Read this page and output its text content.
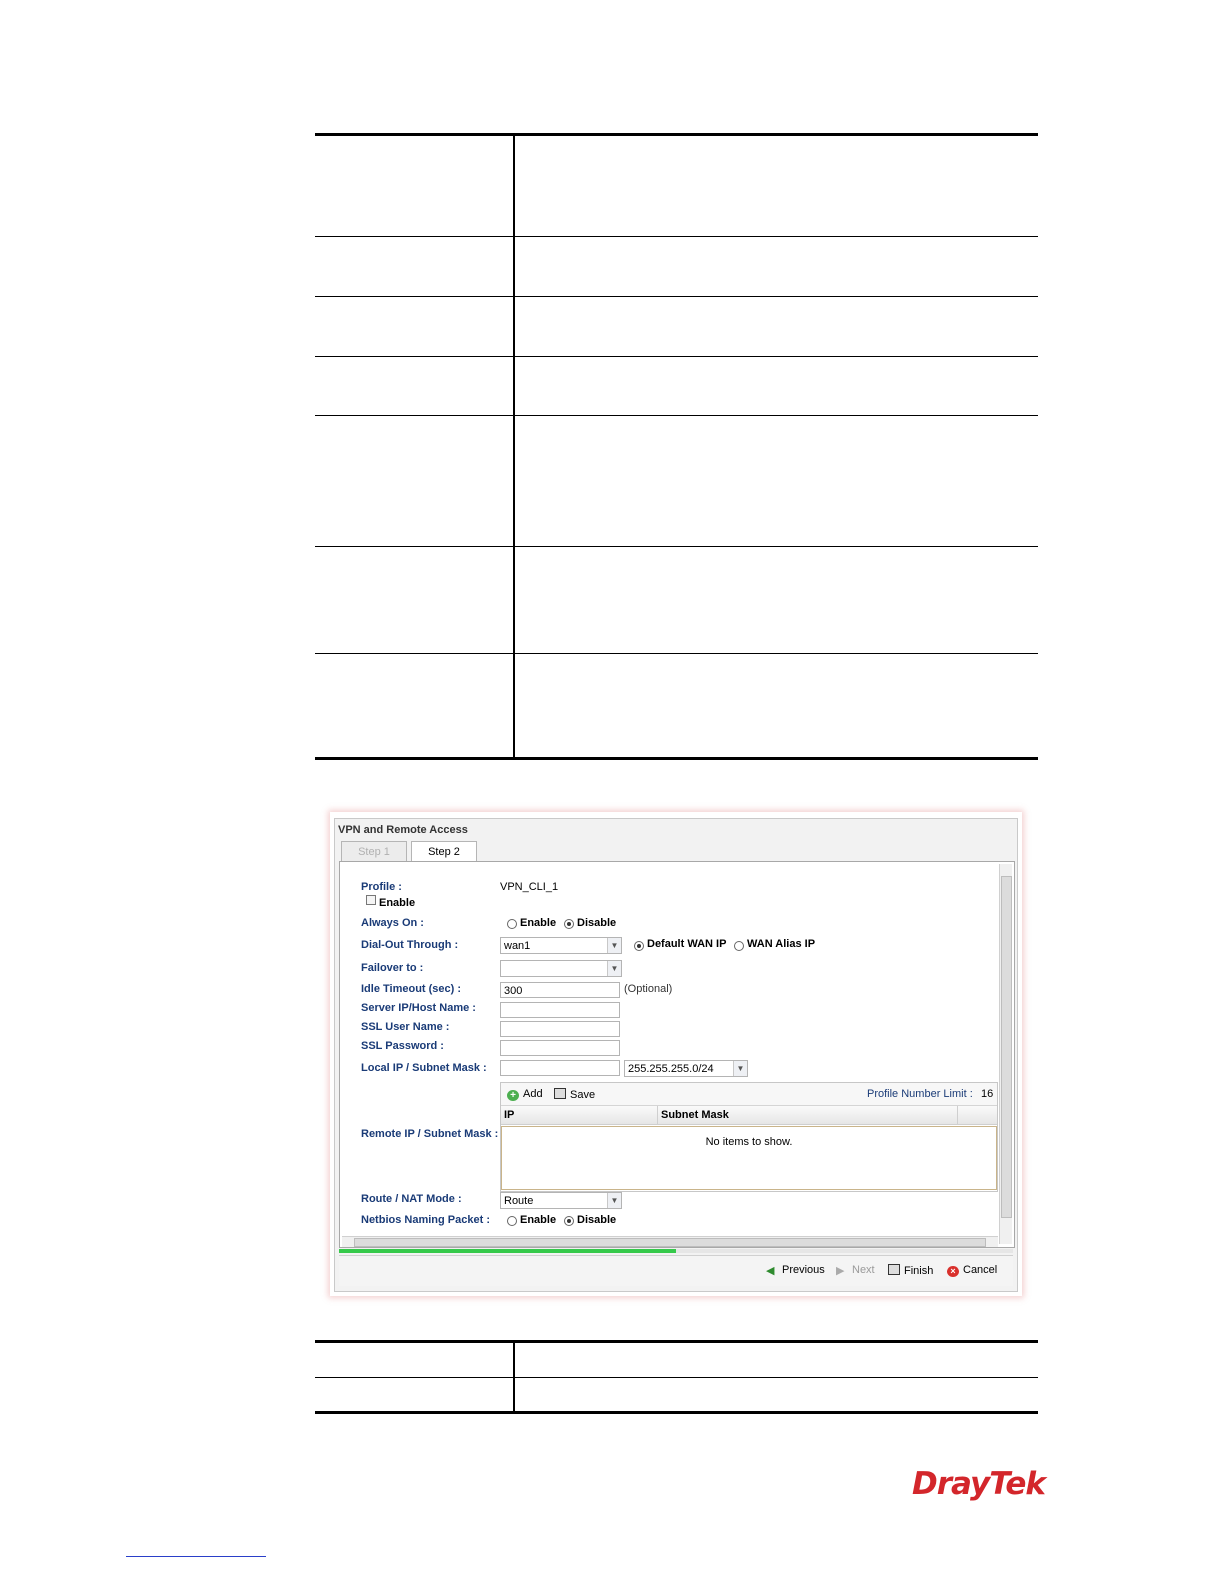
VPN and Remote Access
Step 1	Step 2
Profile :	VPN_CLI_1
Enable
Always On :	Enable Disable
Dial-Out Through :	wan1	▼	Default WAN IP WAN Alias IP
Failover to :	▼
Idle Timeout (sec) :	300	(Optional)
Server IP/Host Name :
SSL User Name :
SSL Password :
Local IP / Subnet Mask :	255.255.255.0/24	▼
Remote IP / Subnet Mask :
+ Add	Save	Profile Number Limit : 16
IP	Subnet Mask
No items to show.
Route / NAT Mode :	Route	▼
Netbios Naming Packet :	Enable Disable
◀ Previous ▶ Next	Finish	× Cancel

DrayTek
